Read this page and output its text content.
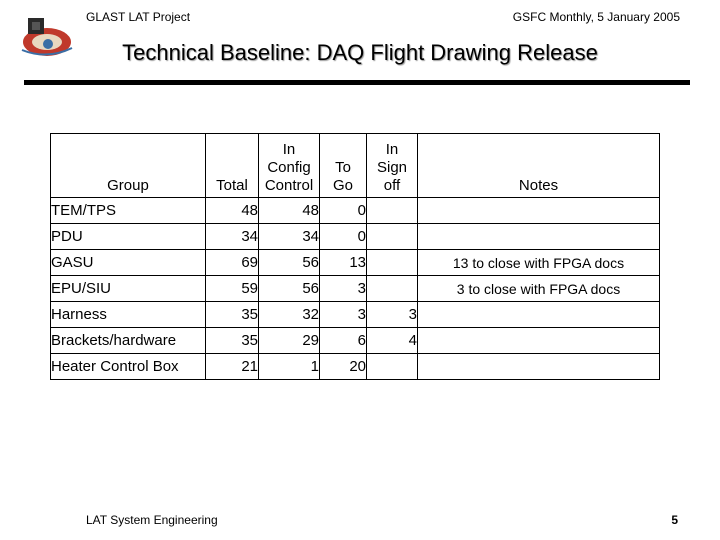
GLAST LAT Project	GSFC Monthly, 5 January 2005
Technical Baseline: DAQ Flight Drawing Release
Group	Total	In
Config
Control	To
Go	In
Sign
off	Notes
TEM/TPS	48	48	0		
PDU	34	34	0		
GASU	69	56	13		13 to close with FPGA docs
EPU/SIU	59	56	3		3 to close with FPGA docs
Harness	35	32	3	3	
Brackets/hardware	35	29	6	4	
Heater Control Box	21	1	20		
LAT System Engineering	5
